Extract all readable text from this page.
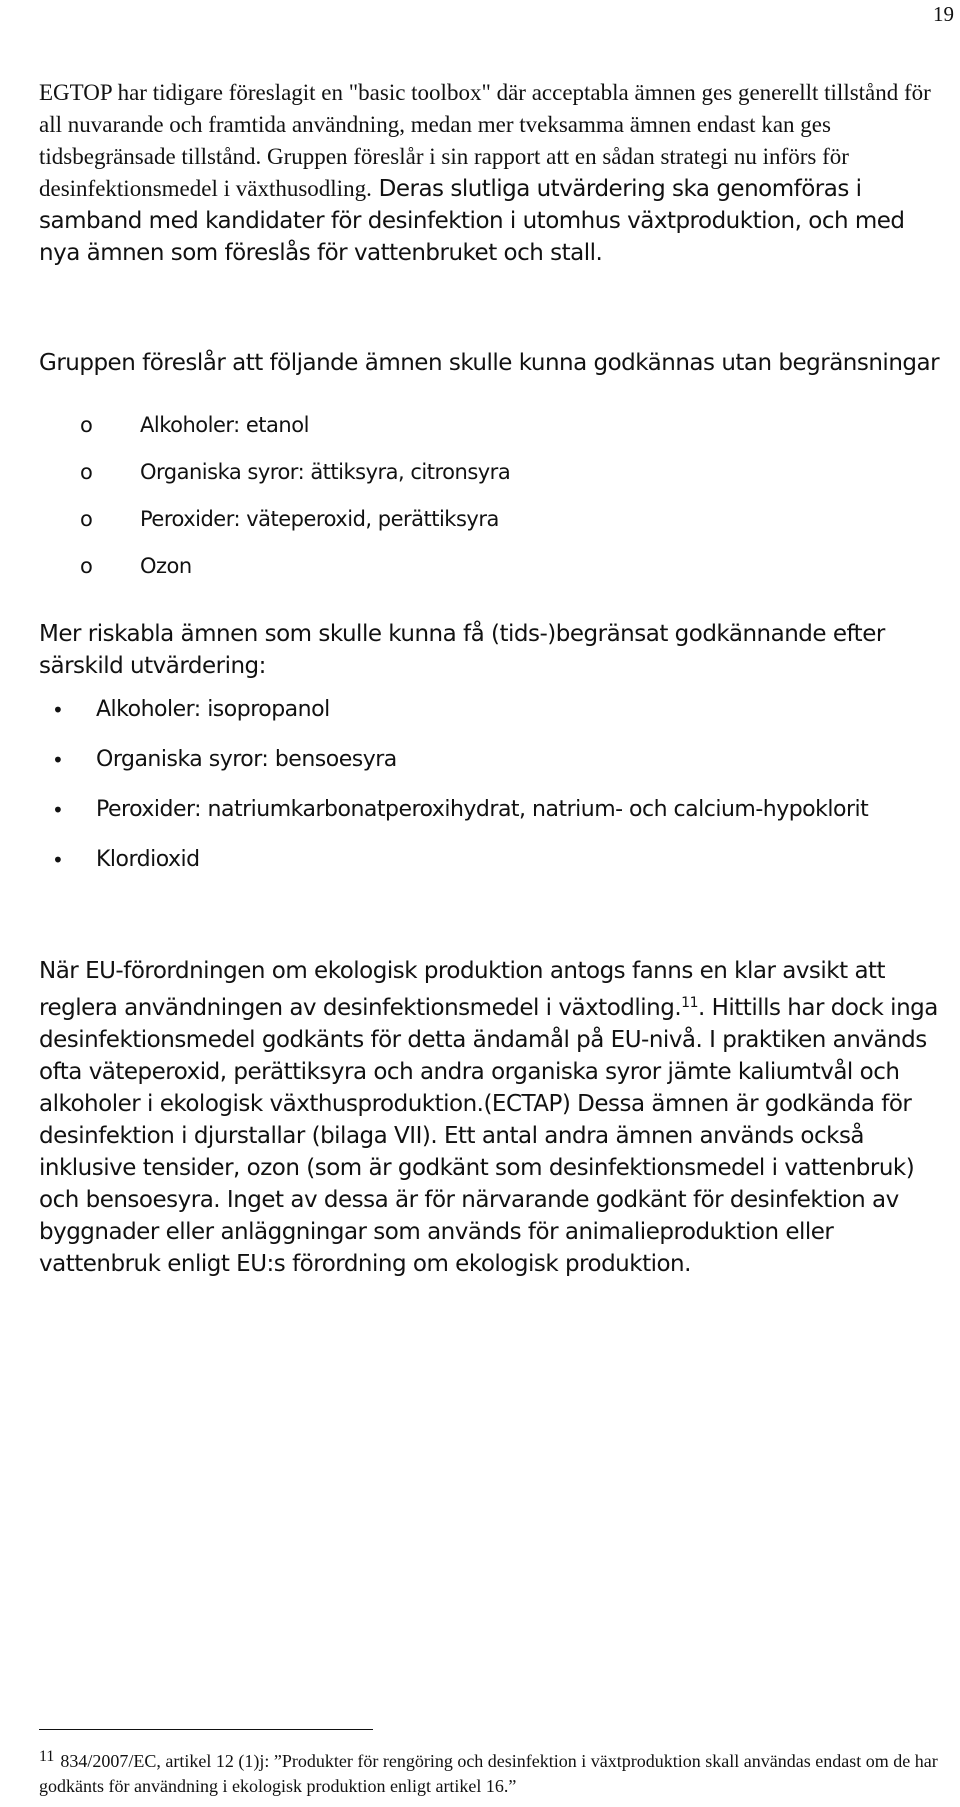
19

EGTOP har tidigare föreslagit en "basic toolbox" där acceptabla ämnen ges generellt tillstånd för all nuvarande och framtida användning, medan mer tveksamma ämnen endast kan ges tidsbegränsade tillstånd. Gruppen föreslår i sin rapport att en sådan strategi nu införs för desinfektionsmedel i växthusodling. Deras slutliga utvärdering ska genomföras i samband med kandidater för desinfektion i utomhus växtproduktion, och med nya ämnen som föreslås för vattenbruket och stall.

Gruppen föreslår att följande ämnen skulle kunna godkännas utan begränsningar

o Alkoholer: etanol
o Organiska syror: ättiksyra, citronsyra
o Peroxider: väteperoxid, perättiksyra
o Ozon

Mer riskabla ämnen som skulle kunna få (tids-)begränsat godkännande efter särskild utvärdering:

• Alkoholer: isopropanol
• Organiska syror: bensoesyra
• Peroxider: natriumkarbonatperoxihydrat, natrium- och calcium-hypoklorit
• Klordioxid

När EU-förordningen om ekologisk produktion antogs fanns en klar avsikt att reglera användningen av desinfektionsmedel i växtodling.$^{11}$. Hittills har dock inga desinfektionsmedel godkänts för detta ändamål på EU-nivå. I praktiken används ofta väteperoxid, perättiksyra och andra organiska syror jämte kaliumtvål och alkoholer i ekologisk växthusproduktion.(ECTAP) Dessa ämnen är godkända för desinfektion i djurstallar (bilaga VII). Ett antal andra ämnen används också inklusive tensider, ozon (som är godkänt som desinfektionsmedel i vattenbruk) och bensoesyra. Inget av dessa är för närvarande godkänt för desinfektion av byggnader eller anläggningar som används för animalieproduktion eller vattenbruk enligt EU:s förordning om ekologisk produktion.

11 834/2007/EC, artikel 12 (1)j: ”Produkter för rengöring och desinfektion i växtproduktion skall användas endast om de har godkänts för användning i ekologisk produktion enligt artikel 16.”
